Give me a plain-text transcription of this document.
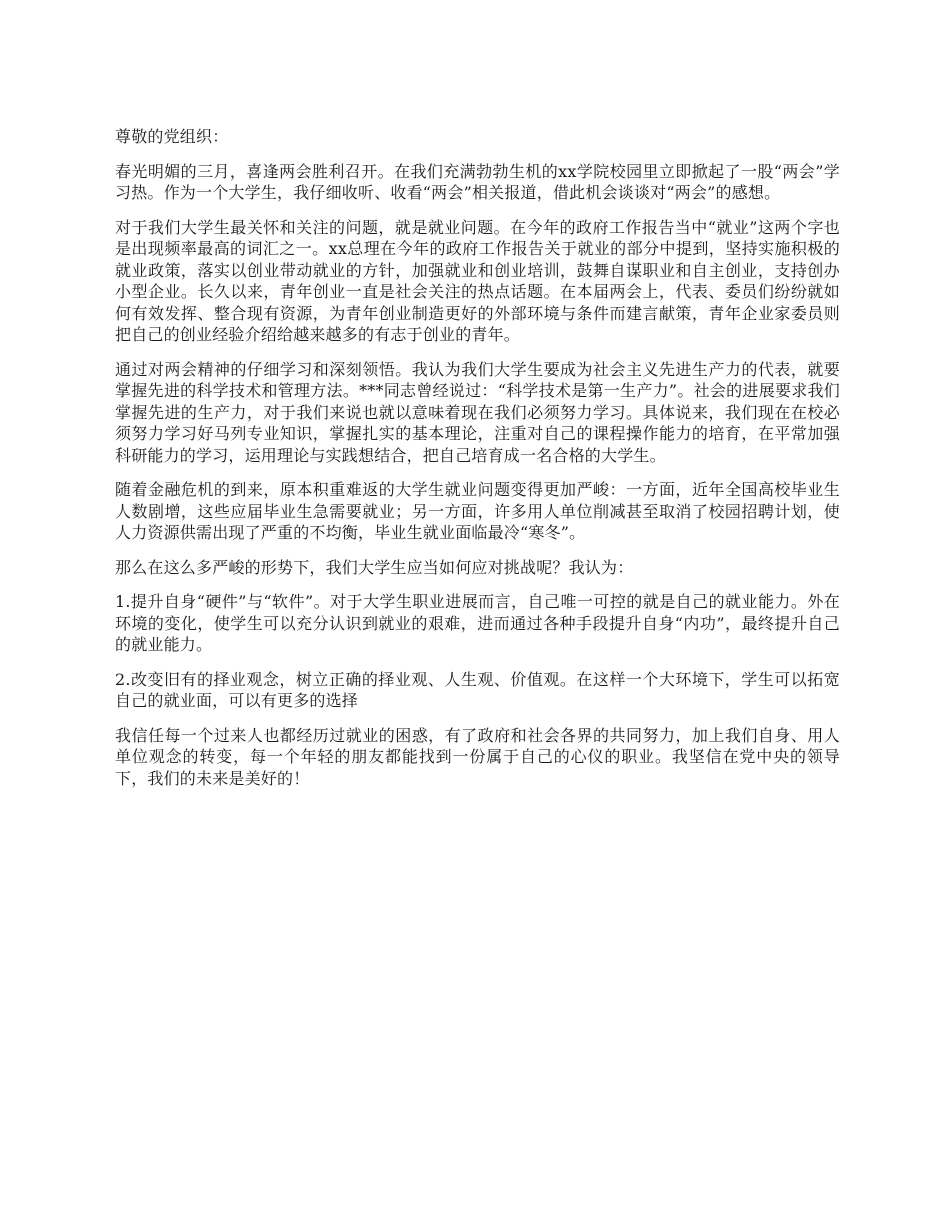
尊敬的党组织：

春光明媚的三月，喜逢两会胜利召开。在我们充满勃勃生机的xx学院校园里立即掀起了一股“两会”学习热。作为一个大学生，我仔细收听、收看“两会”相关报道，借此机会谈谈对“两会”的感想。

对于我们大学生最关怀和关注的问题，就是就业问题。在今年的政府工作报告当中“就业”这两个字也是出现频率最高的词汇之一。xx总理在今年的政府工作报告关于就业的部分中提到，坚持实施积极的就业政策，落实以创业带动就业的方针，加强就业和创业培训，鼓舞自谋职业和自主创业，支持创办小型企业。长久以来，青年创业一直是社会关注的热点话题。在本届两会上，代表、委员们纷纷就如何有效发挥、整合现有资源，为青年创业制造更好的外部环境与条件而建言献策，青年企业家委员则把自己的创业经验介绍给越来越多的有志于创业的青年。

通过对两会精神的仔细学习和深刻领悟。我认为我们大学生要成为社会主义先进生产力的代表，就要掌握先进的科学技术和管理方法。***同志曾经说过：“科学技术是第一生产力”。社会的进展要求我们掌握先进的生产力，对于我们来说也就以意味着现在我们必须努力学习。具体说来，我们现在在校必须努力学习好马列专业知识，掌握扎实的基本理论，注重对自己的课程操作能力的培育，在平常加强科研能力的学习，运用理论与实践想结合，把自己培育成一名合格的大学生。

随着金融危机的到来，原本积重难返的大学生就业问题变得更加严峻：一方面，近年全国高校毕业生人数剧增，这些应届毕业生急需要就业；另一方面，许多用人单位削减甚至取消了校园招聘计划，使人力资源供需出现了严重的不均衡，毕业生就业面临最冷“寒冬”。

那么在这么多严峻的形势下，我们大学生应当如何应对挑战呢？我认为：

1.提升自身“硬件”与“软件”。对于大学生职业进展而言，自己唯一可控的就是自己的就业能力。外在环境的变化，使学生可以充分认识到就业的艰难，进而通过各种手段提升自身“内功”，最终提升自己的就业能力。

2.改变旧有的择业观念，树立正确的择业观、人生观、价值观。在这样一个大环境下，学生可以拓宽自己的就业面，可以有更多的选择

我信任每一个过来人也都经历过就业的困惑，有了政府和社会各界的共同努力，加上我们自身、用人单位观念的转变，每一个年轻的朋友都能找到一份属于自己的心仪的职业。我坚信在党中央的领导下，我们的未来是美好的！
